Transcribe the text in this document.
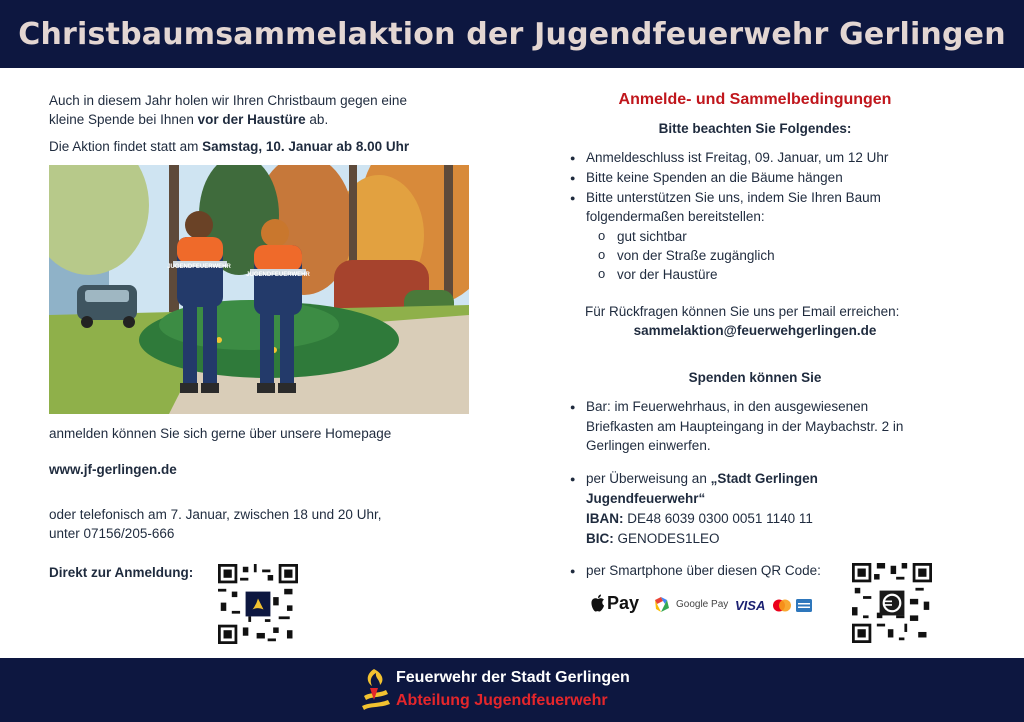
Christbaumsammelaktion der Jugendfeuerwehr Gerlingen
Auch in diesem Jahr holen wir Ihren Christbaum gegen eine
kleine Spende bei Ihnen vor der Haustüre ab.
Die Aktion findet statt am Samstag, 10. Januar ab 8.00 Uhr
JUGENDFEUERWEHR
JUGENDFEUERWEHR
anmelden können Sie sich gerne über unsere Homepage
www.jf-gerlingen.de
oder telefonisch am 7. Januar, zwischen 18 und 20 Uhr,
unter 07156/205-666
Direkt zur Anmeldung:
Anmelde- und Sammelbedingungen
Bitte beachten Sie Folgendes:
● Anmeldeschluss ist Freitag, 09. Januar, um 12 Uhr
● Bitte keine Spenden an die Bäume hängen
● Bitte unterstützen Sie uns, indem Sie Ihren Baum
folgendermaßen bereitstellen:
o gut sichtbar
o von der Straße zugänglich
o vor der Haustüre
Für Rückfragen können Sie uns per Email erreichen:
sammelaktion@feuerwehgerlingen.de
Spenden können Sie
● Bar: im Feuerwehrhaus, in den ausgewiesenen
Briefkasten am Haupteingang in der Maybachstr. 2 in
Gerlingen einwerfen.
● per Überweisung an „Stadt Gerlingen
Jugendfeuerwehr“
IBAN: DE48 6039 0300 0051 1140 11
BIC: GENODES1LEO
● per Smartphone über diesen QR Code:
Pay	Google Pay VISA
Feuerwehr der Stadt Gerlingen
Abteilung Jugendfeuerwehr
